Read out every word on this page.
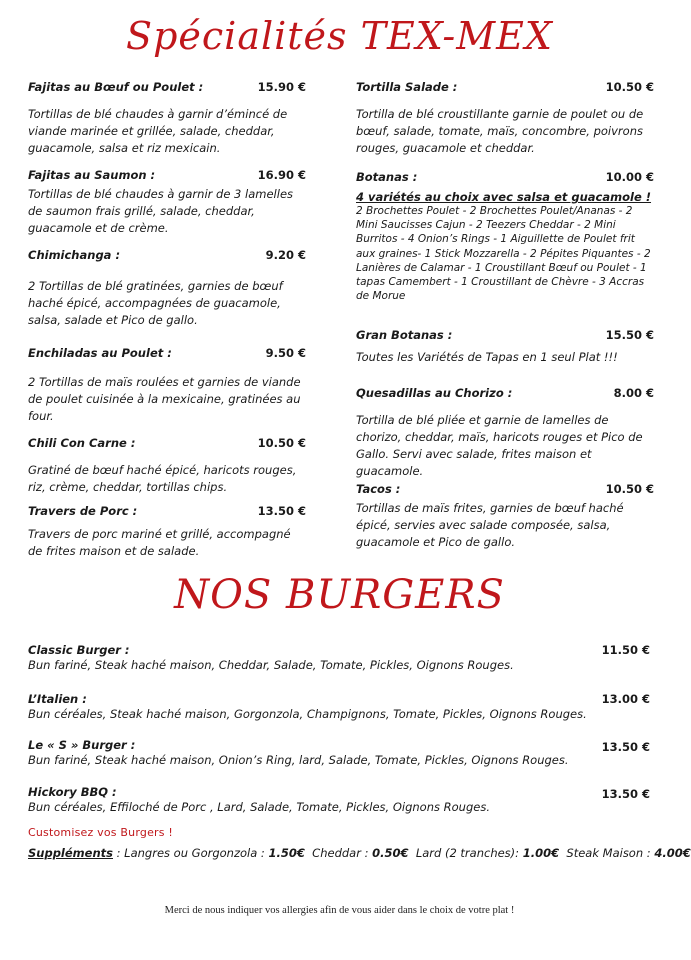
Spécialités TEX-MEX
Fajitas au Bœuf ou Poulet :	15.90 €

Tortillas de blé chaudes à garnir d’émincé de viande marinée et grillée, salade, cheddar, guacamole, salsa et riz mexicain.

Fajitas au Saumon :	16.90 €

Tortillas de blé chaudes à garnir de 3 lamelles de saumon frais grillé, salade, cheddar, guacamole et de crème.

Chimichanga :	9.20 €

2 Tortillas de blé gratinées, garnies de bœuf haché épicé, accompagnées de guacamole, salsa, salade et Pico de gallo.

Enchiladas au Poulet :	9.50 €

2 Tortillas de maïs roulées et garnies de viande de poulet cuisinée à la mexicaine, gratinées au four.

Chili Con Carne :	10.50 €

Gratiné de bœuf haché épicé, haricots rouges, riz, crème, cheddar, tortillas chips.

Travers de Porc :	13.50 €

Travers de porc mariné et grillé, accompagné de frites maison et de salade.

Tortilla Salade :	10.50 €

Tortilla de blé croustillante garnie de poulet ou de bœuf, salade, tomate, maïs, concombre, poivrons rouges, guacamole et cheddar.

Botanas :	10.00 €

4 variétés au choix avec salsa et guacamole !

2 Brochettes Poulet - 2 Brochettes Poulet/Ananas - 2 Mini Saucisses Cajun - 2 Teezers Cheddar - 2 Mini Burritos - 4 Onion’s Rings - 1 Aiguillette de Poulet frit aux graines- 1 Stick Mozzarella - 2 Pépites Piquantes - 2 Lanières de Calamar - 1 Croustillant Bœuf ou Poulet - 1 tapas Camembert - 1 Croustillant de Chèvre - 3 Accras de Morue

Gran Botanas :	15.50 €

Toutes les Variétés de Tapas en 1 seul Plat !!!

Quesadillas au Chorizo :	8.00 €

Tortilla de blé pliée et garnie de lamelles de chorizo, cheddar, maïs, haricots rouges et Pico de Gallo. Servi avec salade, frites maison et guacamole.

Tacos :	10.50 €

Tortillas de maïs frites, garnies de bœuf haché épicé, servies avec salade composée, salsa, guacamole et Pico de gallo.

NOS BURGERS
Classic Burger :	11.50 €
Bun fariné, Steak haché maison, Cheddar, Salade, Tomate, Pickles, Oignons Rouges.
L’Italien :	13.00 €
Bun céréales, Steak haché maison, Gorgonzola, Champignons, Tomate, Pickles, Oignons Rouges.
Le « S » Burger :	13.50 €
Bun fariné, Steak haché maison, Onion’s Ring, lard, Salade, Tomate, Pickles, Oignons Rouges.
Hickory BBQ :	13.50 €
Bun céréales, Effiloché de Porc , Lard, Salade, Tomate, Pickles, Oignons Rouges.
Customisez vos Burgers !
Suppléments : Langres ou Gorgonzola : 1.50€  Cheddar : 0.50€  Lard (2 tranches): 1.00€  Steak Maison : 4.00€
Merci de nous indiquer vos allergies afin de vous aider dans le choix de votre plat !
